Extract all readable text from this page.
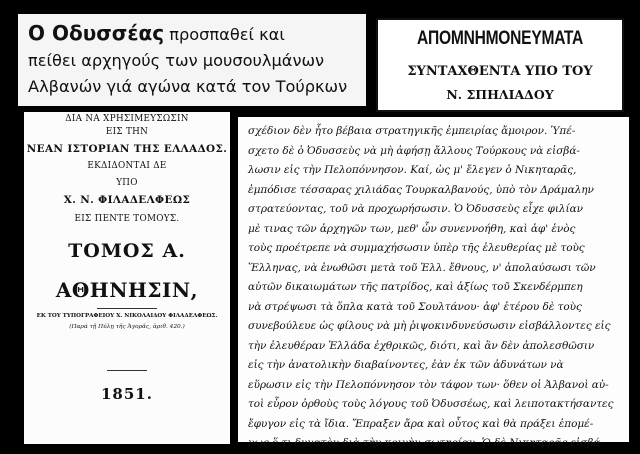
Ο Οδυσσέας προσπαθεί και
πείθει αρχηγούς των μουσουλμάνων
Αλβανών γιά αγώνα κατά τον Τούρκων
ΑΠΟΜΝΗΜΟΝΕΥΜΑΤΑ
ΣΥΝΤΑΧΘΕΝΤΑ ΥΠΟ ΤΟΥ
Ν. ΣΠΗΛΙΑΔΟΥ
ΔΙΑ ΝΑ ΧΡΗΣΙΜΕΥΣΩΣΙΝ
ΕΙΣ ΤΗΝ
ΝΕΑΝ ΙΣΤΟΡΙΑΝ ΤΗΣ ΕΛΛΑΔΟΣ.
ΕΚΔΙΔΟΝΤΑΙ ΔΕ
ΥΠΟ
Χ. Ν. ΦΙΛΑΔΕΛΦΕΩΣ
ΕΙΣ ΠΕΝΤΕ ΤΟΜΟΥΣ.
ΤΟΜΟΣ Α.
ΑΘΗΝΗΣΙΝ,
ΕΚ ΤΟΥ ΤΥΠΟΓΡΑΦΕΙΟΥ Χ. ΝΙΚΟΛΑΙΔΟΥ ΦΙΛΑΔΕΛΦΕΩΣ.
(Παρά τῇ Πύλῃ τῆς Ἀγορᾶς, ἀριθ. 420.)
1851.
σχέδιον δὲν ἦτο βέβαια στρατηγικῆς ἐμπειρίας ἄμοιρον. Ὑπέ-
σχετο δὲ ὁ Ὀδυσσεὺς νὰ μὴ ἀφήσῃ ἄλλους Τούρκους νὰ εἰσβά-
λωσιν εἰς τὴν Πελοπόννησον. Καί, ὡς μ' ἔλεγεν ὁ Νικηταρᾶς,
ἐμπόδισε τέσσαρας χιλιάδας Τουρκαλβανούς, ὑπὸ τὸν Δράμαλην
στρατεύοντας, τοῦ νὰ προχωρήσωσιν. Ὁ Ὀδυσσεὺς εἶχε φιλίαν
μὲ τινας τῶν ἀρχηγῶν των, μεθ' ὧν συνεννοήθη, καὶ ἀφ' ἑνὸς
τοὺς προέτρεπε νὰ συμμαχήσωσιν ὑπὲρ τῆς ἐλευθερίας μὲ τοὺς
Ἕλληνας, νὰ ἑνωθῶσι μετὰ τοῦ Ἑλλ. ἔθνους, ν' ἀπολαύσωσι τῶν
αὐτῶν δικαιωμάτων τῆς πατρίδος, καὶ ἀξίως τοῦ Σκενδέρμπεη
νὰ στρέψωσι τὰ ὅπλα κατὰ τοῦ Σουλτάνου· ἀφ' ἑτέρου δὲ τοὺς
συνεβούλευε ὡς φίλους νὰ μὴ ῥιψοκινδυνεύσωσιν εἰσβάλλοντες εἰς
τὴν ἐλευθέραν Ἑλλάδα ἐχθρικῶς, διότι, καὶ ἂν δὲν ἀπολεσθῶσιν
εἰς τὴν ἀνατολικὴν διαβαίνοντες, ἐὰν ἐκ τῶν ἀδυνάτων νὰ
εὕρωσιν εἰς τὴν Πελοπόννησον τὸν τάφον των· ὅθεν οἱ Ἀλβανοὶ αὐ-
τοὶ εὗρον ὀρθοὺς τοὺς λόγους τοῦ Ὀδυσσέως, καὶ λειποτακτήσαντες
ἔφυγον εἰς τὰ ἴδια. Ἔπραξεν ἄρα καὶ οὗτος καὶ θὰ πράξει ἐπομέ-
νως ὅ,τι δυνατὸν διὰ τὴν κοινὴν σωτηρίαν. Ὁ δὲ Νικηταρᾶς εἰσβά-
